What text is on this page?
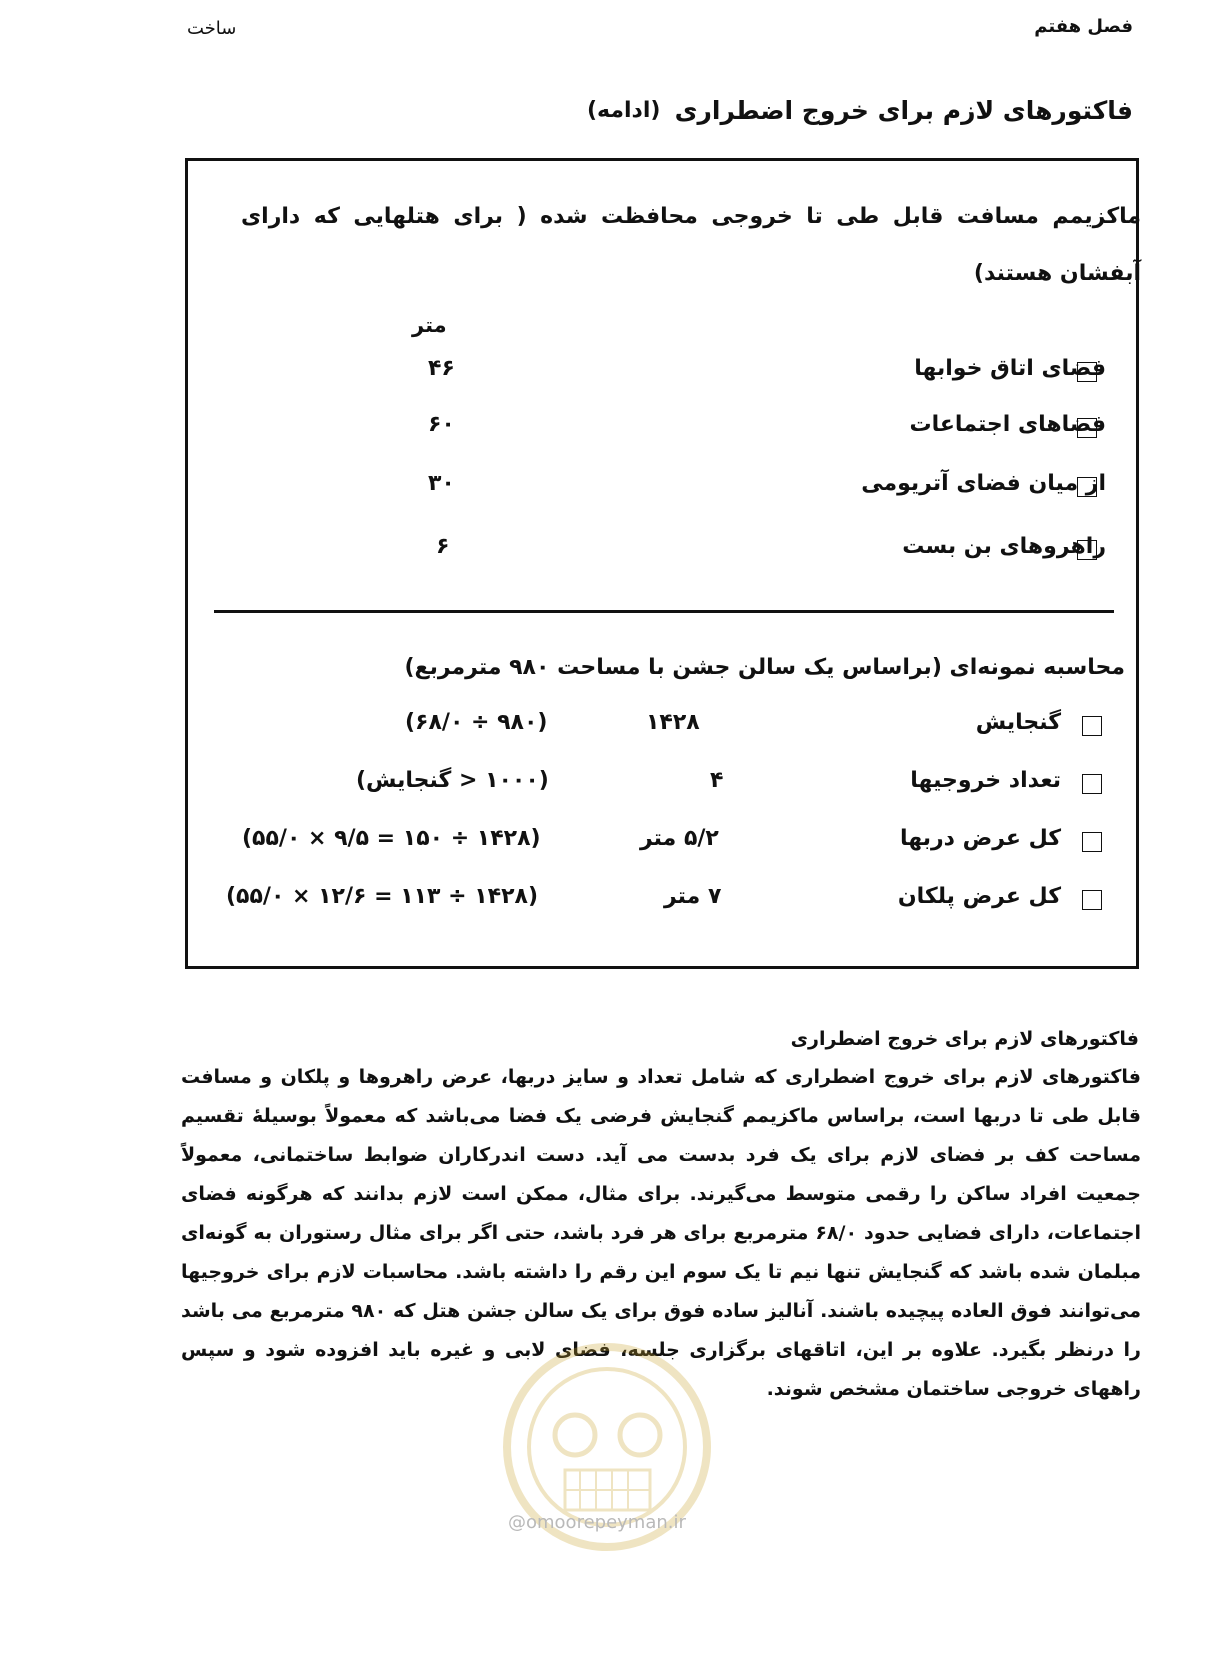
ساخت	فصل هفتم
فاکتورهای لازم برای خروج اضطراری
(ادامه)
ماکزیمم مسافت قابل طی تا خروجی محافظت شده ( برای هتلهایی که دارای آبفشان هستند)
متر
فضای اتاق خوابها
۴۶
فضاهای اجتماعات
۶۰
از میان فضای آتریومی
۳۰
راهروهای بن بست
۶
محاسبه نمونه‌ای (براساس یک سالن جشن با مساحت ۹۸۰ مترمربع)
گنجایش
۱۴۲۸
(۶۸/۰ ÷ ۹۸۰)
تعداد خروجیها
۴
(۱۰۰۰ < گنجایش)
کل عرض دربها
۵/۲ متر
(۵۵/۰ × ۹/۵ = ۱۵۰ ÷ ۱۴۲۸)
کل عرض پلکان
۷ متر
(۵۵/۰ × ۱۲/۶ = ۱۱۳ ÷ ۱۴۲۸)
فاکتورهای لازم برای خروج اضطراری
فاکتورهای لازم برای خروج اضطراری که شامل تعداد و سایز دربها، عرض راهروها و پلکان و مسافت قابل طی تا دربها است، براساس ماکزیمم گنجایش فرضی یک فضا می‌باشد که معمولاً بوسیلهٔ تقسیم مساحت کف بر فضای لازم برای یک فرد بدست می آید. دست اندرکاران ضوابط ساختمانی، معمولاً جمعیت افراد ساکن را رقمی متوسط می‌گیرند. برای مثال، ممکن است لازم بدانند که هرگونه فضای اجتماعات، دارای فضایی حدود ۶۸/۰ مترمربع برای هر فرد باشد، حتی اگر برای مثال رستوران به گونه‌ای مبلمان شده باشد که گنجایش تنها نیم تا یک سوم این رقم را داشته باشد. محاسبات لازم برای خروجیها می‌توانند فوق العاده پیچیده باشند. آنالیز ساده فوق برای یک سالن جشن هتل که ۹۸۰ مترمربع می باشد را درنظر بگیرد. علاوه بر این، اتاقهای برگزاری جلسه، فضای لابی و غیره باید افزوده شود و سپس راههای خروجی ساختمان مشخص شوند.
@omoorepeyman.ir
